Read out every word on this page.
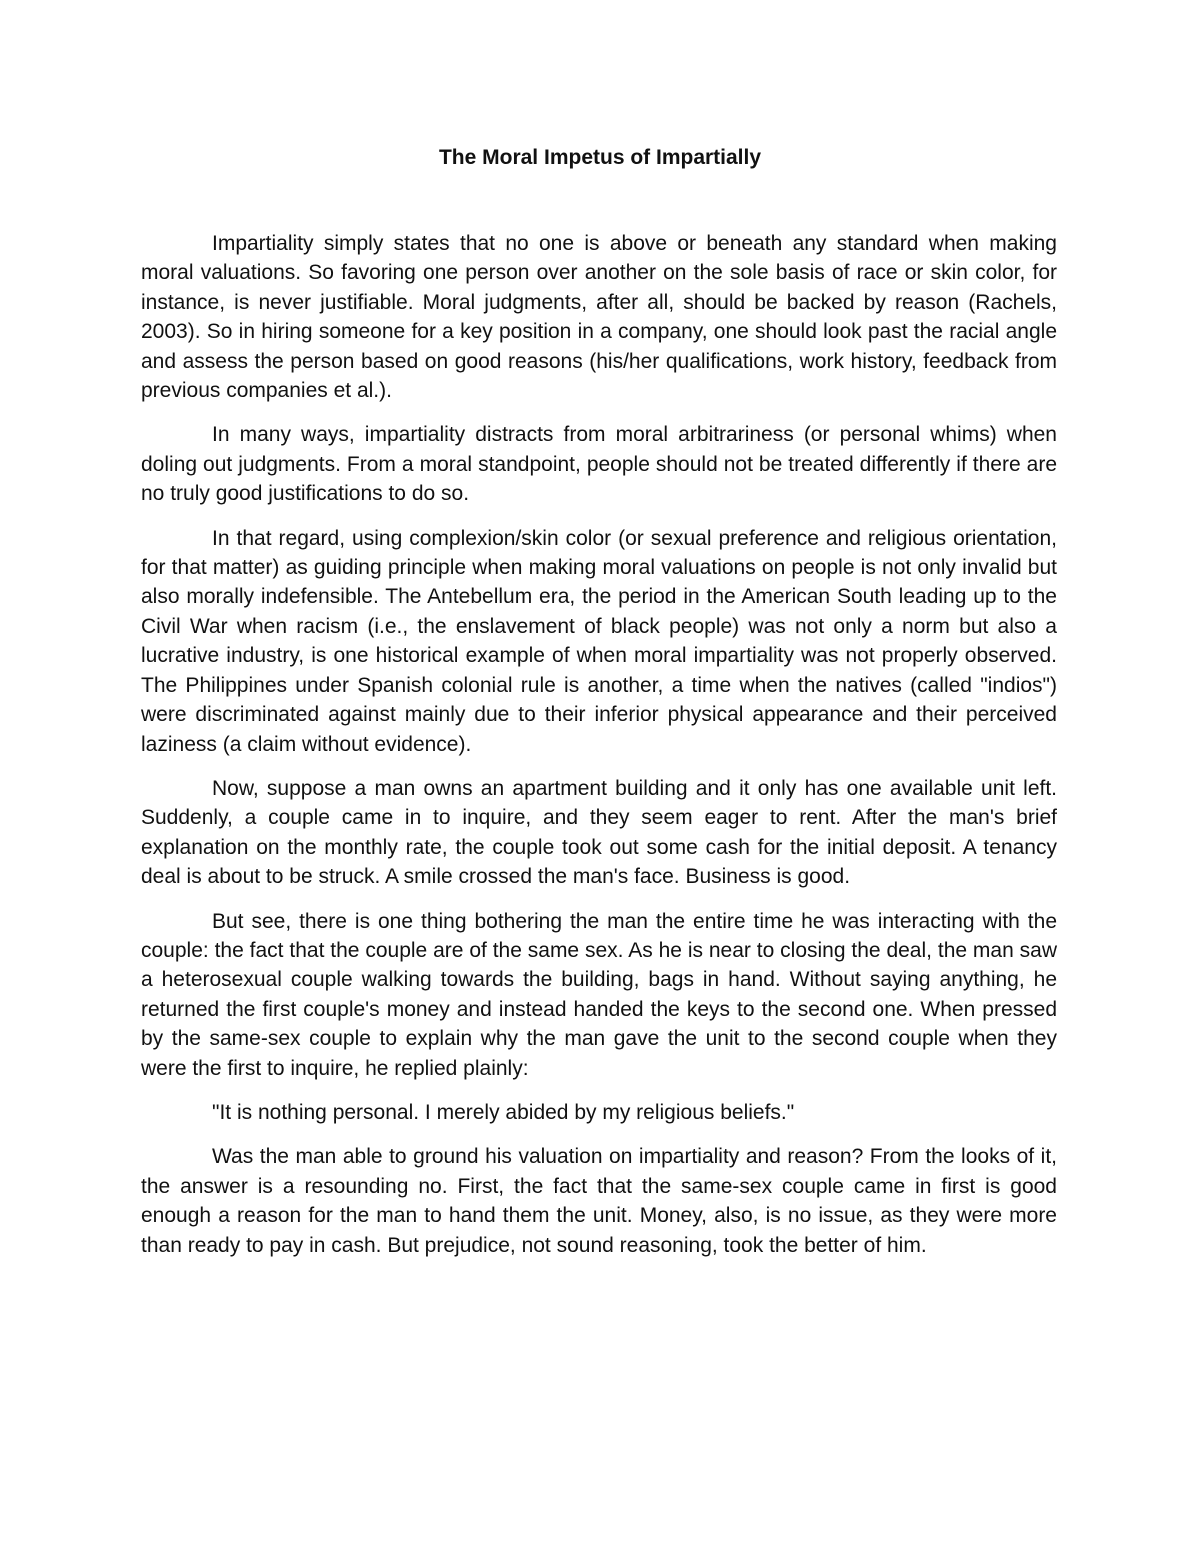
The Moral Impetus of Impartially

Impartiality simply states that no one is above or beneath any standard when making moral valuations. So favoring one person over another on the sole basis of race or skin color, for instance, is never justifiable. Moral judgments, after all, should be backed by reason (Rachels, 2003). So in hiring someone for a key position in a company, one should look past the racial angle and assess the person based on good reasons (his/her qualifications, work history, feedback from previous companies et al.).

In many ways, impartiality distracts from moral arbitrariness (or personal whims) when doling out judgments. From a moral standpoint, people should not be treated differently if there are no truly good justifications to do so.

In that regard, using complexion/skin color (or sexual preference and religious orientation, for that matter) as guiding principle when making moral valuations on people is not only invalid but also morally indefensible. The Antebellum era, the period in the American South leading up to the Civil War when racism (i.e., the enslavement of black people) was not only a norm but also a lucrative industry, is one historical example of when moral impartiality was not properly observed. The Philippines under Spanish colonial rule is another, a time when the natives (called "indios") were discriminated against mainly due to their inferior physical appearance and their perceived laziness (a claim without evidence).

Now, suppose a man owns an apartment building and it only has one available unit left. Suddenly, a couple came in to inquire, and they seem eager to rent. After the man's brief explanation on the monthly rate, the couple took out some cash for the initial deposit. A tenancy deal is about to be struck. A smile crossed the man's face. Business is good.

But see, there is one thing bothering the man the entire time he was interacting with the couple: the fact that the couple are of the same sex. As he is near to closing the deal, the man saw a heterosexual couple walking towards the building, bags in hand. Without saying anything, he returned the first couple's money and instead handed the keys to the second one. When pressed by the same-sex couple to explain why the man gave the unit to the second couple when they were the first to inquire, he replied plainly:

"It is nothing personal. I merely abided by my religious beliefs."

Was the man able to ground his valuation on impartiality and reason? From the looks of it, the answer is a resounding no. First, the fact that the same-sex couple came in first is good enough a reason for the man to hand them the unit. Money, also, is no issue, as they were more than ready to pay in cash. But prejudice, not sound reasoning, took the better of him.
